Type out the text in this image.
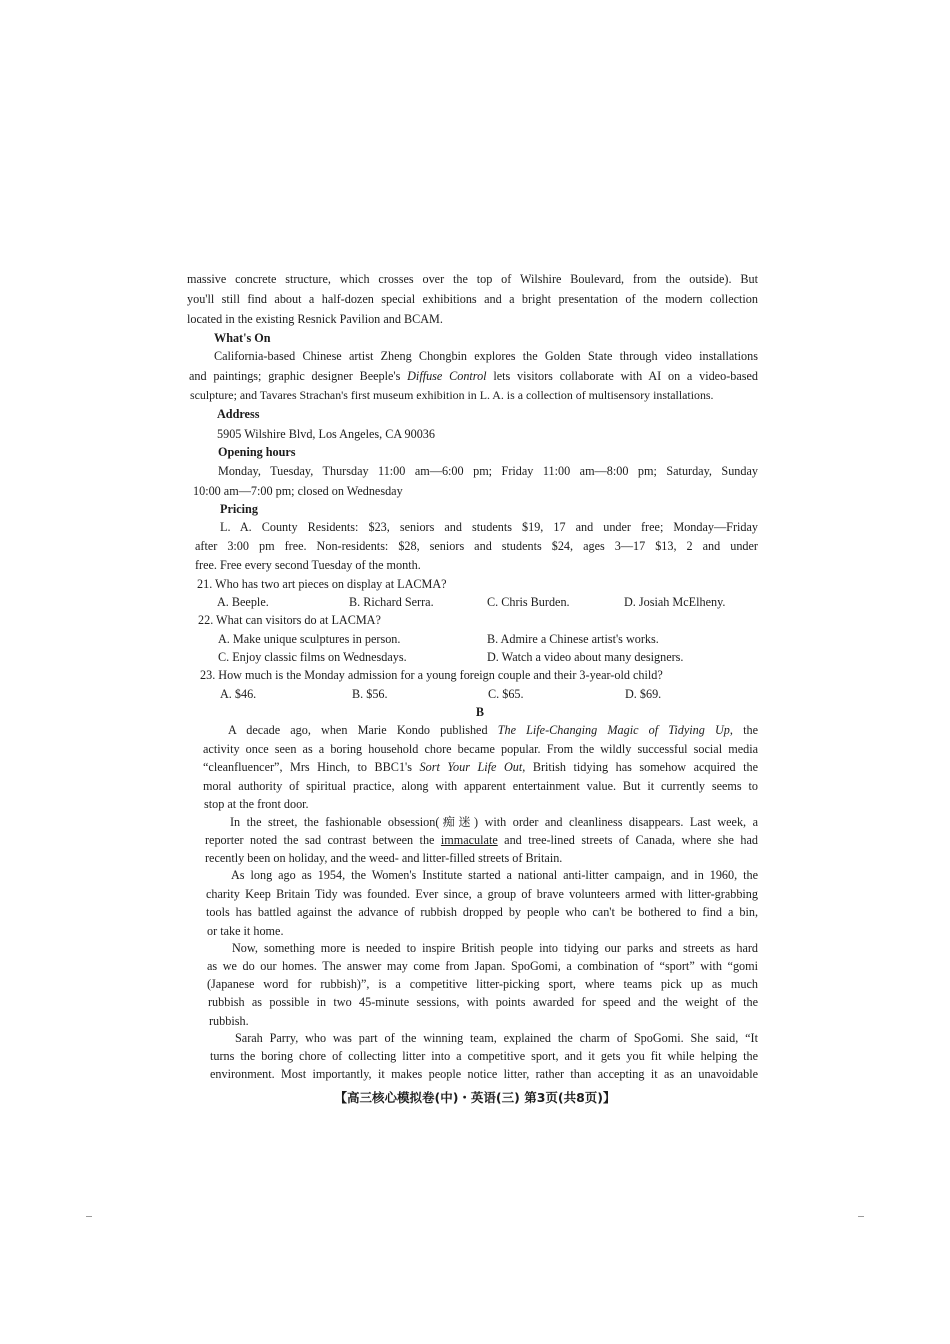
massive concrete structure, which crosses over the top of Wilshire Boulevard, from the outside). But
you'll still find about a half-dozen special exhibitions and a bright presentation of the modern collection
located in the existing Resnick Pavilion and BCAM.
What's On
California-based Chinese artist Zheng Chongbin explores the Golden State through video installations
and paintings; graphic designer Beeple's Diffuse Control lets visitors collaborate with AI on a video-based
sculpture; and Tavares Strachan's first museum exhibition in L. A. is a collection of multisensory installations.
Address
5905 Wilshire Blvd, Los Angeles, CA 90036
Opening hours
Monday, Tuesday, Thursday 11:00 am—6:00 pm; Friday 11:00 am—8:00 pm; Saturday, Sunday
10:00 am—7:00 pm; closed on Wednesday
Pricing
L. A. County Residents: $23, seniors and students $19, 17 and under free; Monday—Friday
after 3:00 pm free. Non-residents: $28, seniors and students $24, ages 3—17 $13, 2 and under
free. Free every second Tuesday of the month.
21. Who has two art pieces on display at LACMA?
A. Beeple.	B. Richard Serra.	C. Chris Burden.	D. Josiah McElheny.
22. What can visitors do at LACMA?
A. Make unique sculptures in person.	B. Admire a Chinese artist's works.
C. Enjoy classic films on Wednesdays.	D. Watch a video about many designers.
23. How much is the Monday admission for a young foreign couple and their 3-year-old child?
A. $46.	B. $56.	C. $65.	D. $69.
B
A decade ago, when Marie Kondo published The Life-Changing Magic of Tidying Up, the
activity once seen as a boring household chore became popular. From the wildly successful social media
“cleanfluencer”, Mrs Hinch, to BBC1's Sort Your Life Out, British tidying has somehow acquired the
moral authority of spiritual practice, along with apparent entertainment value. But it currently seems to
stop at the front door.
In the street, the fashionable obsession(痴迷) with order and cleanliness disappears. Last week, a
reporter noted the sad contrast between the immaculate and tree-lined streets of Canada, where she had
recently been on holiday, and the weed- and litter-filled streets of Britain.
As long ago as 1954, the Women's Institute started a national anti-litter campaign, and in 1960, the
charity Keep Britain Tidy was founded. Ever since, a group of brave volunteers armed with litter-grabbing
tools has battled against the advance of rubbish dropped by people who can't be bothered to find a bin,
or take it home.
Now, something more is needed to inspire British people into tidying our parks and streets as hard
as we do our homes. The answer may come from Japan. SpoGomi, a combination of “sport” with “gomi
(Japanese word for rubbish)”, is a competitive litter-picking sport, where teams pick up as much
rubbish as possible in two 45-minute sessions, with points awarded for speed and the weight of the
rubbish.
Sarah Parry, who was part of the winning team, explained the charm of SpoGomi. She said, “It
turns the boring chore of collecting litter into a competitive sport, and it gets you fit while helping the
environment. Most importantly, it makes people notice litter, rather than accepting it as an unavoidable
【高三核心模拟卷(中)・英语(三) 第3页(共8页)】
